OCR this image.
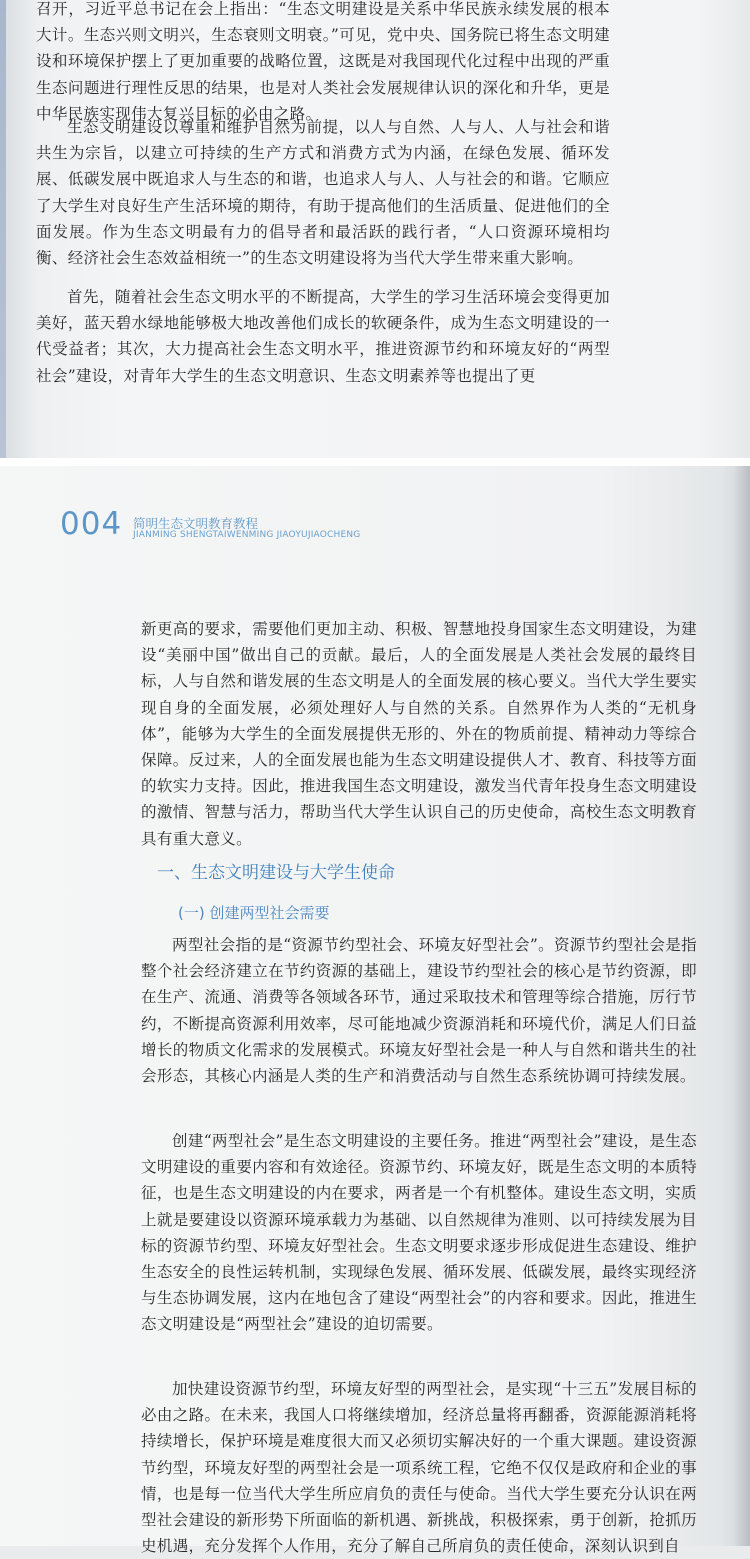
召开，习近平总书记在会上指出：“生态文明建设是关系中华民族永续发展的根本大计。生态兴则文明兴，生态衰则文明衰。”可见，党中央、国务院已将生态文明建设和环境保护摆上了更加重要的战略位置，这既是对我国现代化过程中出现的严重生态问题进行理性反思的结果，也是对人类社会发展规律认识的深化和升华，更是中华民族实现伟大复兴目标的必由之路。

生态文明建设以尊重和维护自然为前提，以人与自然、人与人、人与社会和谐共生为宗旨，以建立可持续的生产方式和消费方式为内涵，在绿色发展、循环发展、低碳发展中既追求人与生态的和谐，也追求人与人、人与社会的和谐。它顺应了大学生对良好生产生活环境的期待，有助于提高他们的生活质量、促进他们的全面发展。作为生态文明最有力的倡导者和最活跃的践行者，“人口资源环境相均衡、经济社会生态效益相统一”的生态文明建设将为当代大学生带来重大影响。

首先，随着社会生态文明水平的不断提高，大学生的学习生活环境会变得更加美好，蓝天碧水绿地能够极大地改善他们成长的软硬条件，成为生态文明建设的一代受益者；其次，大力提高社会生态文明水平，推进资源节约和环境友好的“两型社会”建设，对青年大学生的生态文明意识、生态文明素养等也提出了更

004 简明生态文明教育教程
JIANMING SHENGTAIWENMING JIAOYUJIAOCHENG

新更高的要求，需要他们更加主动、积极、智慧地投身国家生态文明建设，为建设“美丽中国”做出自己的贡献。最后，人的全面发展是人类社会发展的最终目标，人与自然和谐发展的生态文明是人的全面发展的核心要义。当代大学生要实现自身的全面发展，必须处理好人与自然的关系。自然界作为人类的“无机身体”，能够为大学生的全面发展提供无形的、外在的物质前提、精神动力等综合保障。反过来，人的全面发展也能为生态文明建设提供人才、教育、科技等方面的软实力支持。因此，推进我国生态文明建设，激发当代青年投身生态文明建设的激情、智慧与活力，帮助当代大学生认识自己的历史使命，高校生态文明教育具有重大意义。

一、生态文明建设与大学生使命
(一) 创建两型社会需要

两型社会指的是“资源节约型社会、环境友好型社会”。资源节约型社会是指整个社会经济建立在节约资源的基础上，建设节约型社会的核心是节约资源，即在生产、流通、消费等各领域各环节，通过采取技术和管理等综合措施，厉行节约，不断提高资源利用效率，尽可能地减少资源消耗和环境代价，满足人们日益增长的物质文化需求的发展模式。环境友好型社会是一种人与自然和谐共生的社会形态，其核心内涵是人类的生产和消费活动与自然生态系统协调可持续发展。

创建“两型社会”是生态文明建设的主要任务。推进“两型社会”建设，是生态文明建设的重要内容和有效途径。资源节约、环境友好，既是生态文明的本质特征，也是生态文明建设的内在要求，两者是一个有机整体。建设生态文明，实质上就是要建设以资源环境承载力为基础、以自然规律为准则、以可持续发展为目标的资源节约型、环境友好型社会。生态文明要求逐步形成促进生态建设、维护生态安全的良性运转机制，实现绿色发展、循环发展、低碳发展，最终实现经济与生态协调发展，这内在地包含了建设“两型社会”的内容和要求。因此，推进生态文明建设是“两型社会”建设的迫切需要。

加快建设资源节约型，环境友好型的两型社会，是实现“十三五”发展目标的必由之路。在未来，我国人口将继续增加，经济总量将再翻番，资源能源消耗将持续增长，保护环境是难度很大而又必须切实解决好的一个重大课题。建设资源节约型，环境友好型的两型社会是一项系统工程，它绝不仅仅是政府和企业的事情，也是每一位当代大学生所应肩负的责任与使命。当代大学生要充分认识在两型社会建设的新形势下所面临的新机遇、新挑战，积极探索，勇于创新，抢抓历史机遇，充分发挥个人作用，充分了解自己所肩负的责任使命，深刻认识到自
